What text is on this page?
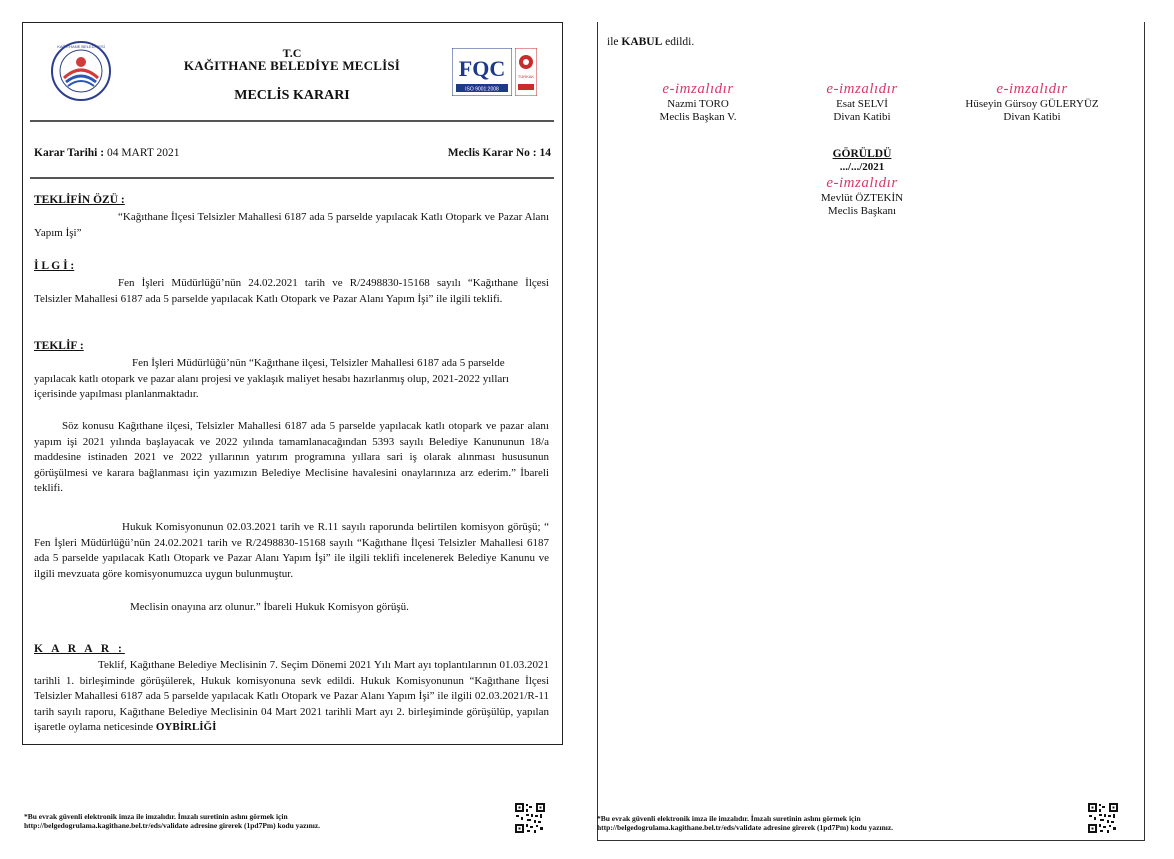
KAĞITHANE BELEDİYESİ	T.C
KAĞITHANE BELEDİYE MECLİSİ
MECLİS KARARI
FQC
ISO 9001:2008
TÜRKAK
Karar Tarihi : 04 MART 2021	Meclis Karar No : 14
TEKLİFİN ÖZÜ :
“Kağıthane İlçesi Telsizler Mahallesi 6187 ada 5 parselde yapılacak Katlı Otopark ve Pazar Alanı Yapım İşi”
İ L G İ :
Fen İşleri Müdürlüğü’nün 24.02.2021 tarih ve R/2498830-15168 sayılı “Kağıthane İlçesi Telsizler Mahallesi 6187 ada 5 parselde yapılacak Katlı Otopark ve Pazar Alanı Yapım İşi” ile ilgili teklifi.
TEKLİF :
Fen İşleri Müdürlüğü’nün “Kağıthane ilçesi, Telsizler Mahallesi 6187 ada 5 parselde yapılacak katlı otopark ve pazar alanı projesi ve yaklaşık maliyet hesabı hazırlanmış olup, 2021-2022 yılları içerisinde yapılması planlanmaktadır.
Söz konusu Kağıthane ilçesi, Telsizler Mahallesi 6187 ada 5 parselde yapılacak katlı otopark ve pazar alanı yapım işi 2021 yılında başlayacak ve 2022 yılında tamamlanacağından 5393 sayılı Belediye Kanununun 18/a maddesine istinaden 2021 ve 2022 yıllarının yatırım programına yıllara sari iş olarak alınması hususunun görüşülmesi ve karara bağlanması için yazımızın Belediye Meclisine havalesini onaylarınıza arz ederim.” İbareli teklifi.
Hukuk Komisyonunun 02.03.2021 tarih ve R.11 sayılı raporunda belirtilen komisyon görüşü; “ Fen İşleri Müdürlüğü’nün 24.02.2021 tarih ve R/2498830-15168 sayılı “Kağıthane İlçesi Telsizler Mahallesi 6187 ada 5 parselde yapılacak Katlı Otopark ve Pazar Alanı Yapım İşi” ile ilgili teklifi incelenerek Belediye Kanunu ve ilgili mevzuata göre komisyonumuzca uygun bulunmuştur.
Meclisin onayına arz olunur.” İbareli Hukuk Komisyon görüşü.
K A R A R :
Teklif, Kağıthane Belediye Meclisinin 7. Seçim Dönemi 2021 Yılı Mart ayı toplantılarının 01.03.2021 tarihli 1. birleşiminde görüşülerek, Hukuk komisyonuna sevk edildi. Hukuk Komisyonunun “Kağıthane İlçesi Telsizler Mahallesi 6187 ada 5 parselde yapılacak Katlı Otopark ve Pazar Alanı Yapım İşi” ile ilgili 02.03.2021/R-11 tarih sayılı raporu, Kağıthane Belediye Meclisinin 04 Mart 2021 tarihli Mart ayı 2. birleşiminde görüşülüp, yapılan işaretle oylama neticesinde OYBİRLİĞİ
*Bu evrak güvenli elektronik imza ile imzalıdır. İmzalı suretinin aslını görmek için
http://belgedogrulama.kagithane.bel.tr/eds/validate adresine girerek (1pd7Pm) kodu yazınız.
ile KABUL edildi.
e-imzalıdır
Nazmi TORO
Meclis Başkan V.
e-imzalıdır
Esat SELVİ
Divan Katibi
e-imzalıdır
Hüseyin Gürsoy GÜLERYÜZ
Divan Katibi
GÖRÜLDÜ
.../.../2021
e-imzalıdır
Mevlüt ÖZTEKİN
Meclis Başkanı
*Bu evrak güvenli elektronik imza ile imzalıdır. İmzalı suretinin aslını görmek için
http://belgedogrulama.kagithane.bel.tr/eds/validate adresine girerek (1pd7Pm) kodu yazınız.
